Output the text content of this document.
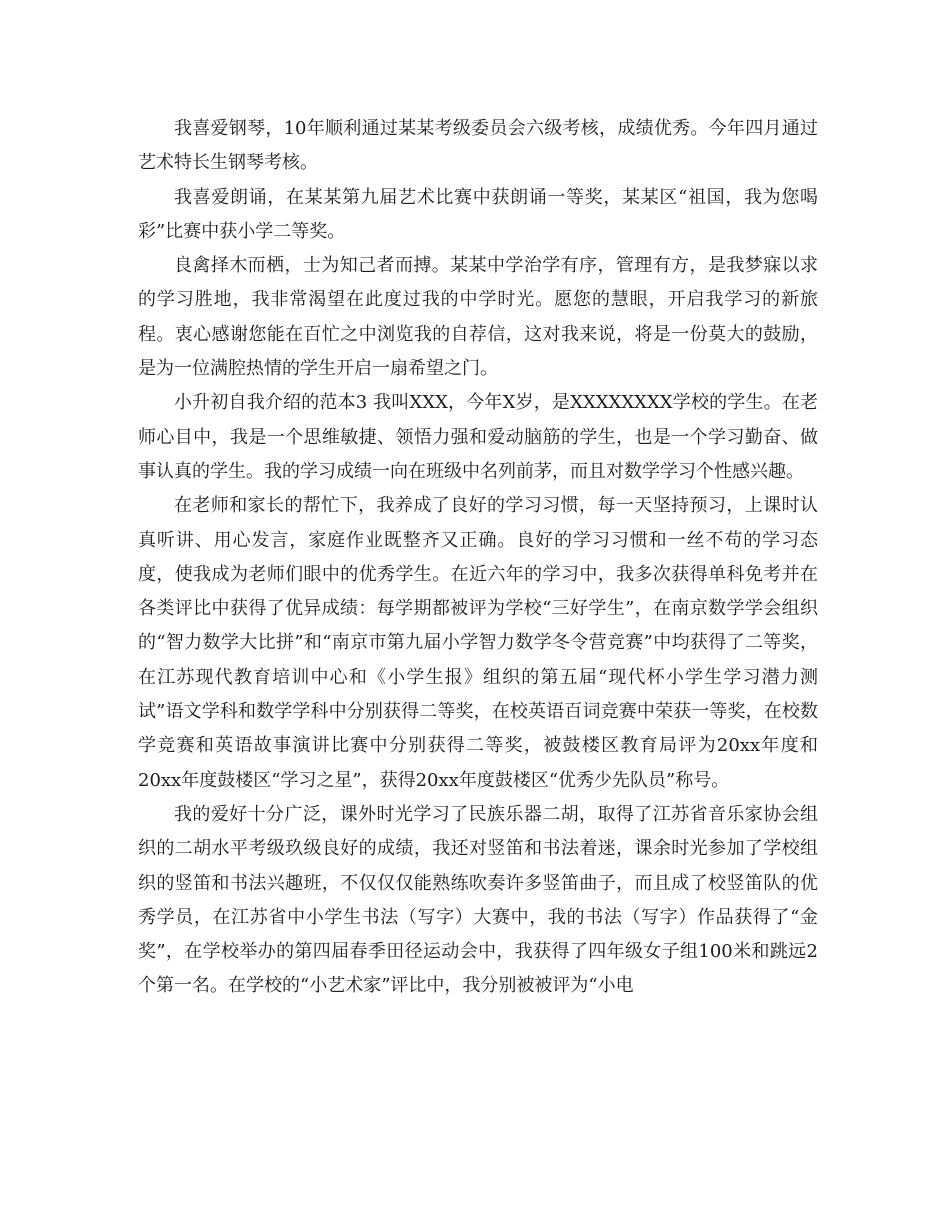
我喜爱钢琴，10年顺利通过某某考级委员会六级考核，成绩优秀。今年四月通过艺术特长生钢琴考核。

我喜爱朗诵，在某某第九届艺术比赛中获朗诵一等奖，某某区“祖国，我为您喝彩”比赛中获小学二等奖。

良禽择木而栖，士为知己者而搏。某某中学治学有序，管理有方，是我梦寐以求的学习胜地，我非常渴望在此度过我的中学时光。愿您的慧眼，开启我学习的新旅程。衷心感谢您能在百忙之中浏览我的自荐信，这对我来说，将是一份莫大的鼓励，是为一位满腔热情的学生开启一扇希望之门。

小升初自我介绍的范本3 我叫XXX，今年X岁，是XXXXXXXX学校的学生。在老师心目中，我是一个思维敏捷、领悟力强和爱动脑筋的学生，也是一个学习勤奋、做事认真的学生。我的学习成绩一向在班级中名列前茅，而且对数学学习个性感兴趣。

在老师和家长的帮忙下，我养成了良好的学习习惯，每一天坚持预习，上课时认真听讲、用心发言，家庭作业既整齐又正确。良好的学习习惯和一丝不苟的学习态度，使我成为老师们眼中的优秀学生。在近六年的学习中，我多次获得单科免考并在各类评比中获得了优异成绩：每学期都被评为学校“三好学生”，在南京数学学会组织的“智力数学大比拼”和“南京市第九届小学智力数学冬令营竞赛”中均获得了二等奖，在江苏现代教育培训中心和《小学生报》组织的第五届“现代杯小学生学习潜力测试”语文学科和数学学科中分别获得二等奖，在校英语百词竞赛中荣获一等奖，在校数学竞赛和英语故事演讲比赛中分别获得二等奖，被鼓楼区教育局评为20xx年度和20xx年度鼓楼区“学习之星”，获得20xx年度鼓楼区“优秀少先队员”称号。

我的爱好十分广泛，课外时光学习了民族乐器二胡，取得了江苏省音乐家协会组织的二胡水平考级玖级良好的成绩，我还对竖笛和书法着迷，课余时光参加了学校组织的竖笛和书法兴趣班，不仅仅仅能熟练吹奏许多竖笛曲子，而且成了校竖笛队的优秀学员，在江苏省中小学生书法（写字）大赛中，我的书法（写字）作品获得了“金奖”，在学校举办的第四届春季田径运动会中，我获得了四年级女子组100米和跳远2个第一名。在学校的“小艺术家”评比中，我分别被被评为“小电
